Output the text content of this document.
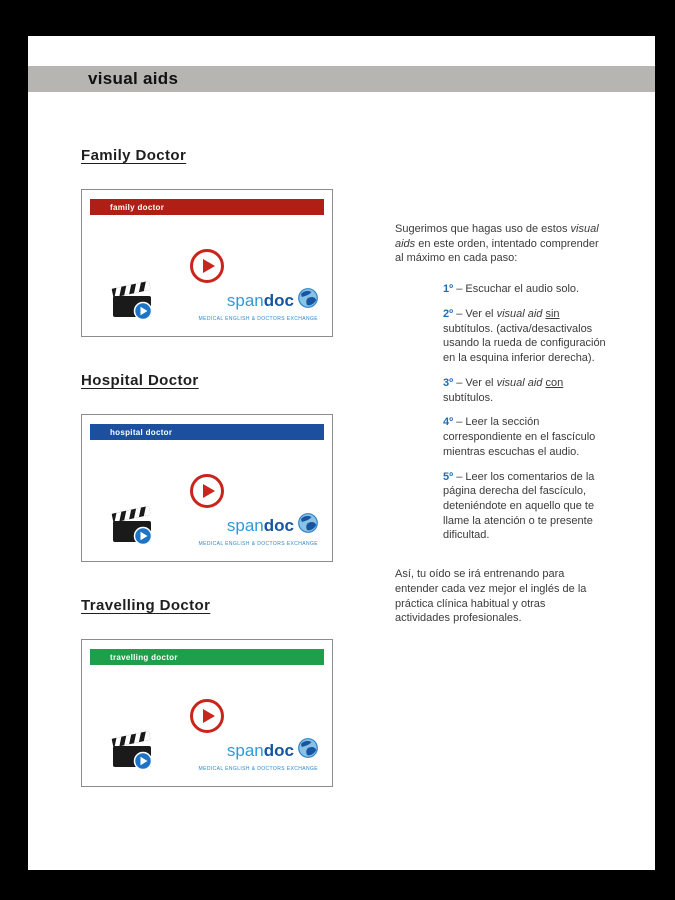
visual aids
Family Doctor
family doctor
spandoc
MEDICAL ENGLISH & DOCTORS EXCHANGE
Hospital Doctor
hospital doctor
spandoc
MEDICAL ENGLISH & DOCTORS EXCHANGE
Travelling Doctor
travelling doctor
spandoc
MEDICAL ENGLISH & DOCTORS EXCHANGE

Sugerimos que hagas uso de estos visual aids en este orden, intentado comprender al máximo en cada paso:

1º – Escuchar el audio solo.
2º – Ver el visual aid sin subtítulos. (activa/desactivalos usando la rueda de configuración en la esquina inferior derecha).
3º – Ver el visual aid con subtítulos.
4º – Leer la sección correspondiente en el fascículo mientras escuchas el audio.
5º – Leer los comentarios de la página derecha del fascículo, deteniéndote en aquello que te llame la atención o te presente dificultad.

Así, tu oído se irá entrenando para entender cada vez mejor el inglés de la práctica clínica habitual y otras actividades profesionales.
